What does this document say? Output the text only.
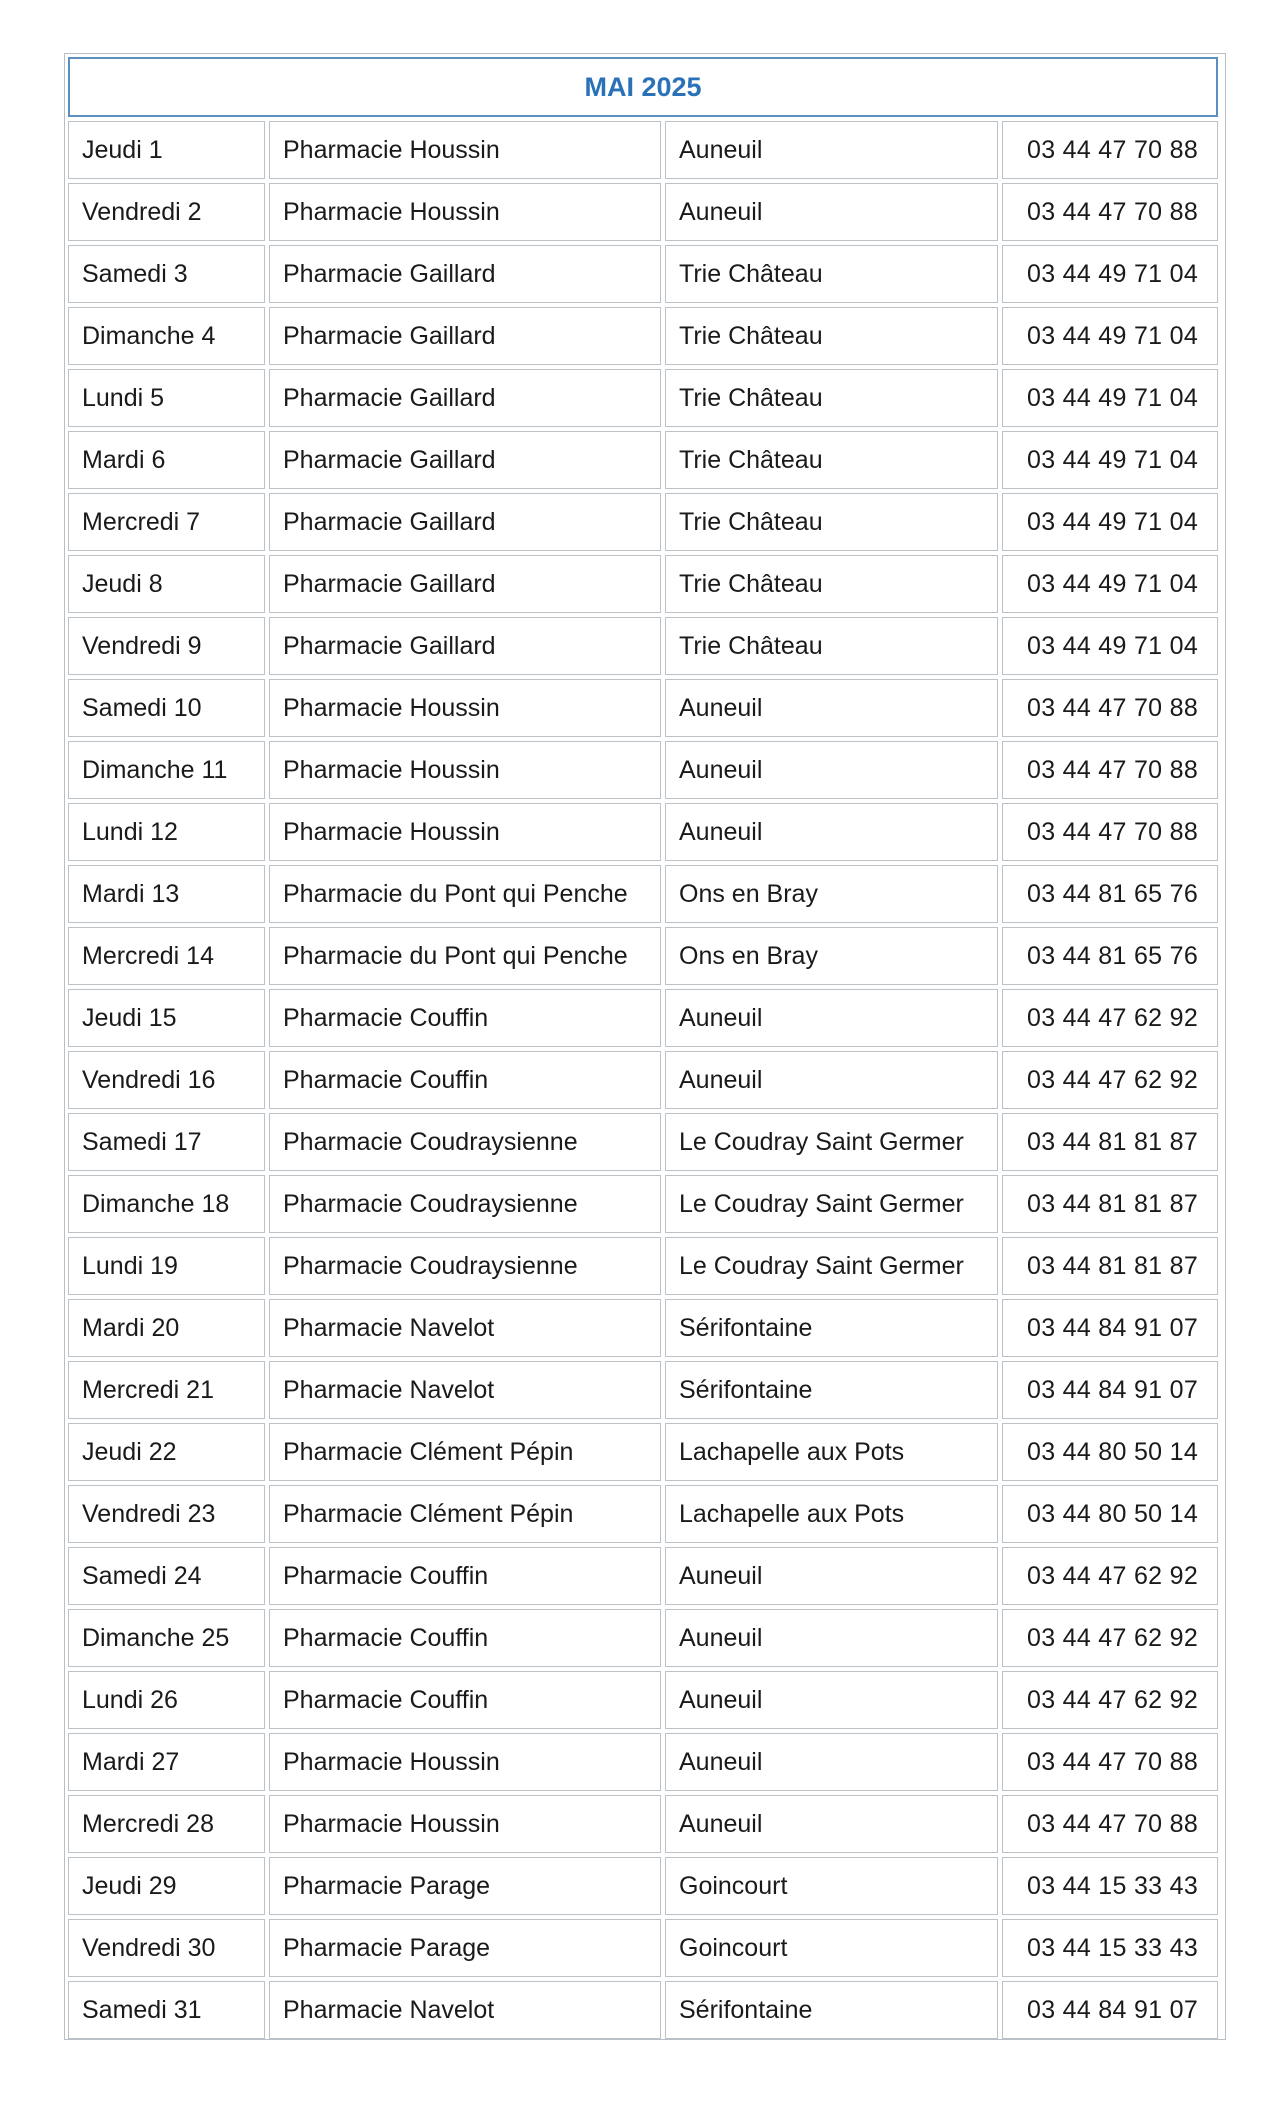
MAI 2025			
Jeudi 1	Pharmacie Houssin	Auneuil	03 44 47 70 88
Vendredi 2	Pharmacie Houssin	Auneuil	03 44 47 70 88
Samedi 3	Pharmacie Gaillard	Trie Château	03 44 49 71 04
Dimanche 4	Pharmacie Gaillard	Trie Château	03 44 49 71 04
Lundi 5	Pharmacie Gaillard	Trie Château	03 44 49 71 04
Mardi 6	Pharmacie Gaillard	Trie Château	03 44 49 71 04
Mercredi 7	Pharmacie Gaillard	Trie Château	03 44 49 71 04
Jeudi 8	Pharmacie Gaillard	Trie Château	03 44 49 71 04
Vendredi 9	Pharmacie Gaillard	Trie Château	03 44 49 71 04
Samedi 10	Pharmacie Houssin	Auneuil	03 44 47 70 88
Dimanche 11	Pharmacie Houssin	Auneuil	03 44 47 70 88
Lundi 12	Pharmacie Houssin	Auneuil	03 44 47 70 88
Mardi 13	Pharmacie du Pont qui Penche	Ons en Bray	03 44 81 65 76
Mercredi 14	Pharmacie du Pont qui Penche	Ons en Bray	03 44 81 65 76
Jeudi 15	Pharmacie Couffin	Auneuil	03 44 47 62 92
Vendredi 16	Pharmacie Couffin	Auneuil	03 44 47 62 92
Samedi 17	Pharmacie Coudraysienne	Le Coudray Saint Germer	03 44 81 81 87
Dimanche 18	Pharmacie Coudraysienne	Le Coudray Saint Germer	03 44 81 81 87
Lundi 19	Pharmacie Coudraysienne	Le Coudray Saint Germer	03 44 81 81 87
Mardi 20	Pharmacie Navelot	Sérifontaine	03 44 84 91 07
Mercredi 21	Pharmacie Navelot	Sérifontaine	03 44 84 91 07
Jeudi 22	Pharmacie Clément Pépin	Lachapelle aux Pots	03 44 80 50 14
Vendredi 23	Pharmacie Clément Pépin	Lachapelle aux Pots	03 44 80 50 14
Samedi 24	Pharmacie Couffin	Auneuil	03 44 47 62 92
Dimanche 25	Pharmacie Couffin	Auneuil	03 44 47 62 92
Lundi 26	Pharmacie Couffin	Auneuil	03 44 47 62 92
Mardi 27	Pharmacie Houssin	Auneuil	03 44 47 70 88
Mercredi 28	Pharmacie Houssin	Auneuil	03 44 47 70 88
Jeudi 29	Pharmacie Parage	Goincourt	03 44 15 33 43
Vendredi 30	Pharmacie Parage	Goincourt	03 44 15 33 43
Samedi 31	Pharmacie Navelot	Sérifontaine	03 44 84 91 07
